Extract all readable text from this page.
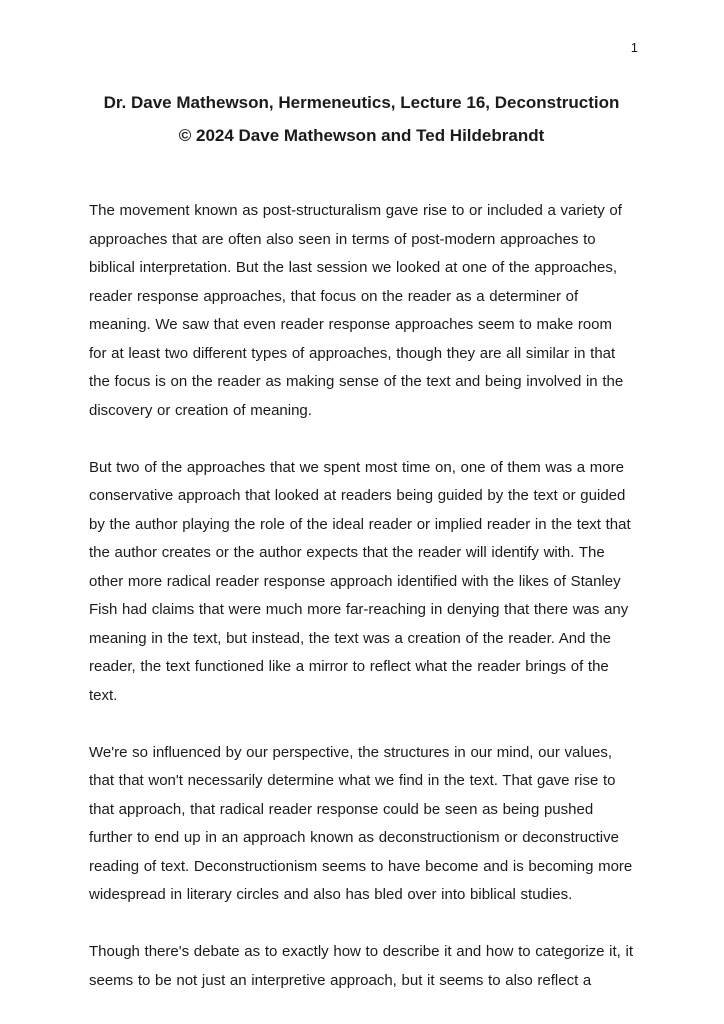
1

Dr. Dave Mathewson, Hermeneutics, Lecture 16, Deconstruction

© 2024 Dave Mathewson and Ted Hildebrandt

The movement known as post-structuralism gave rise to or included a variety of approaches that are often also seen in terms of post-modern approaches to biblical interpretation. But the last session we looked at one of the approaches, reader response approaches, that focus on the reader as a determiner of meaning. We saw that even reader response approaches seem to make room for at least two different types of approaches, though they are all similar in that the focus is on the reader as making sense of the text and being involved in the discovery or creation of meaning.

But two of the approaches that we spent most time on, one of them was a more conservative approach that looked at readers being guided by the text or guided by the author playing the role of the ideal reader or implied reader in the text that the author creates or the author expects that the reader will identify with. The other more radical reader response approach identified with the likes of Stanley Fish had claims that were much more far-reaching in denying that there was any meaning in the text, but instead, the text was a creation of the reader. And the reader, the text functioned like a mirror to reflect what the reader brings of the text.

We're so influenced by our perspective, the structures in our mind, our values, that that won't necessarily determine what we find in the text. That gave rise to that approach, that radical reader response could be seen as being pushed further to end up in an approach known as deconstructionism or deconstructive reading of text. Deconstructionism seems to have become and is becoming more widespread in literary circles and also has bled over into biblical studies.

Though there's debate as to exactly how to describe it and how to categorize it, it seems to be not just an interpretive approach, but it seems to also reflect a
